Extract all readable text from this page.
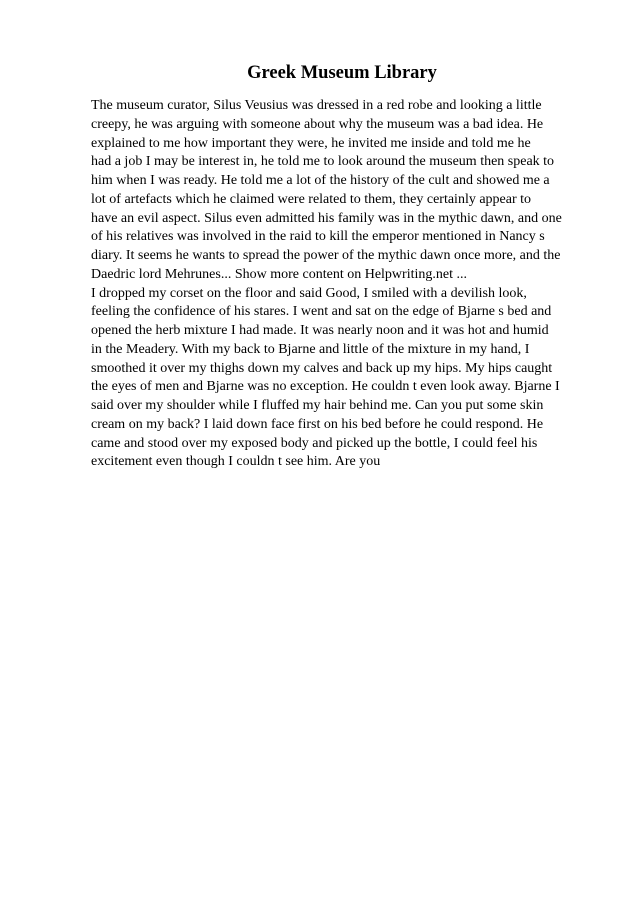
Greek Museum Library
The museum curator, Silus Veusius was dressed in a red robe and looking a little
creepy, he was arguing with someone about why the museum was a bad idea. He
explained to me how important they were, he invited me inside and told me he
had a job I may be interest in, he told me to look around the museum then speak to
him when I was ready. He told me a lot of the history of the cult and showed me a
lot of artefacts which he claimed were related to them, they certainly appear to
have an evil aspect. Silus even admitted his family was in the mythic dawn, and one
of his relatives was involved in the raid to kill the emperor mentioned in Nancy s
diary. It seems he wants to spread the power of the mythic dawn once more, and the
Daedric lord Mehrunes... Show more content on Helpwriting.net ...
I dropped my corset on the floor and said Good, I smiled with a devilish look,
feeling the confidence of his stares. I went and sat on the edge of Bjarne s bed and
opened the herb mixture I had made. It was nearly noon and it was hot and humid
in the Meadery. With my back to Bjarne and little of the mixture in my hand, I
smoothed it over my thighs down my calves and back up my hips. My hips caught
the eyes of men and Bjarne was no exception. He couldn t even look away. Bjarne I
said over my shoulder while I fluffed my hair behind me. Can you put some skin
cream on my back? I laid down face first on his bed before he could respond. He
came and stood over my exposed body and picked up the bottle, I could feel his
excitement even though I couldn t see him. Are you
